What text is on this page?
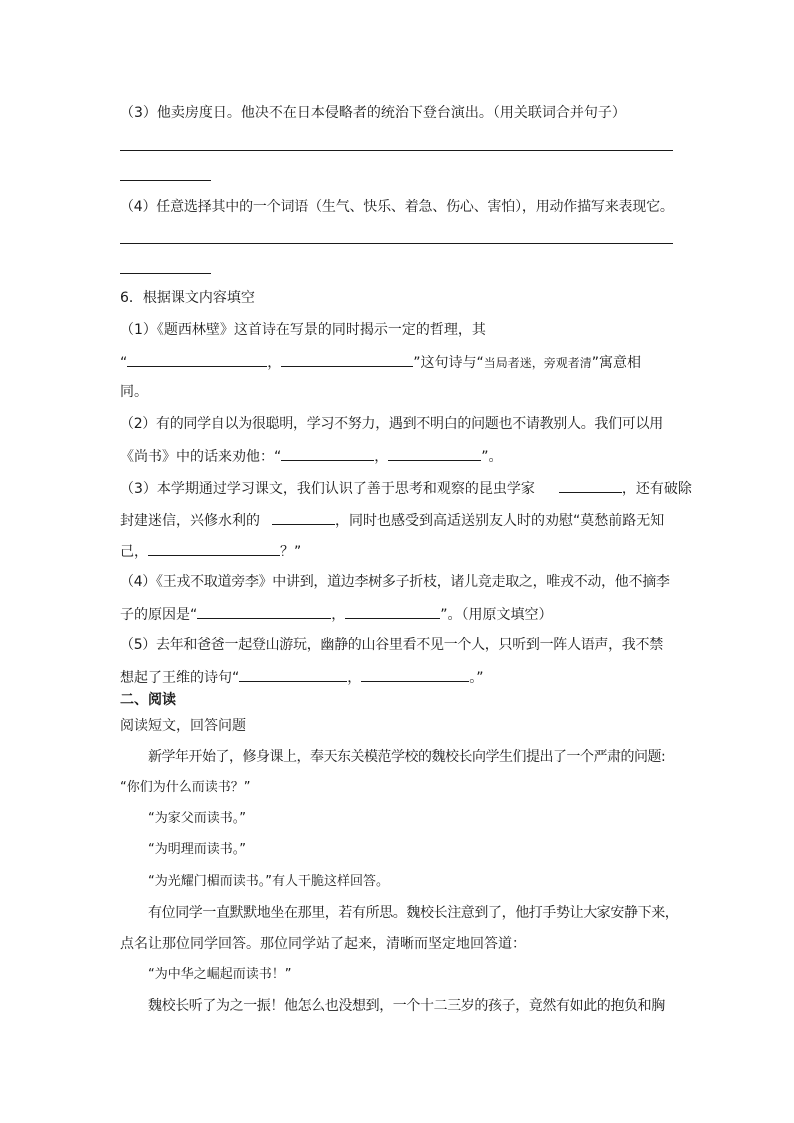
（3）他卖房度日。他决不在日本侵略者的统治下登台演出。（用关联词合并句子）
（4）任意选择其中的一个词语（生气、快乐、着急、伤心、害怕），用动作描写来表现它。
6．根据课文内容填空
（1）《题西林壁》这首诗在写景的同时揭示一定的哲理，其
“	，	”这句诗与“当局者迷，旁观者清”寓意相
同。
（2）有的同学自以为很聪明，学习不努力，遇到不明白的问题也不请教别人。我们可以用
《尚书》中的话来劝他：“	，	”。
（3）本学期通过学习课文，我们认识了善于思考和观察的昆虫学家	，还有破除
封建迷信，兴修水利的	，同时也感受到高适送别友人时的劝慰“莫愁前路无知
己，	？”
（4）《王戎不取道旁李》中讲到，道边李树多子折枝，诸儿竞走取之，唯戎不动，他不摘李
子的原因是“	，	”。（用原文填空）
（5）去年和爸爸一起登山游玩，幽静的山谷里看不见一个人，只听到一阵人语声，我不禁
想起了王维的诗句“	，	。”
二、阅读
阅读短文，回答问题
新学年开始了，修身课上，奉天东关模范学校的魏校长向学生们提出了一个严肃的问题:
“你们为什么而读书？”
“为家父而读书。”
“为明理而读书。”
“为光耀门楣而读书。”有人干脆这样回答。
有位同学一直默默地坐在那里，若有所思。魏校长注意到了，他打手势让大家安静下来，
点名让那位同学回答。那位同学站了起来，清晰而坚定地回答道：
“为中华之崛起而读书！”
魏校长听了为之一振！他怎么也没想到，一个十二三岁的孩子，竟然有如此的抱负和胸
